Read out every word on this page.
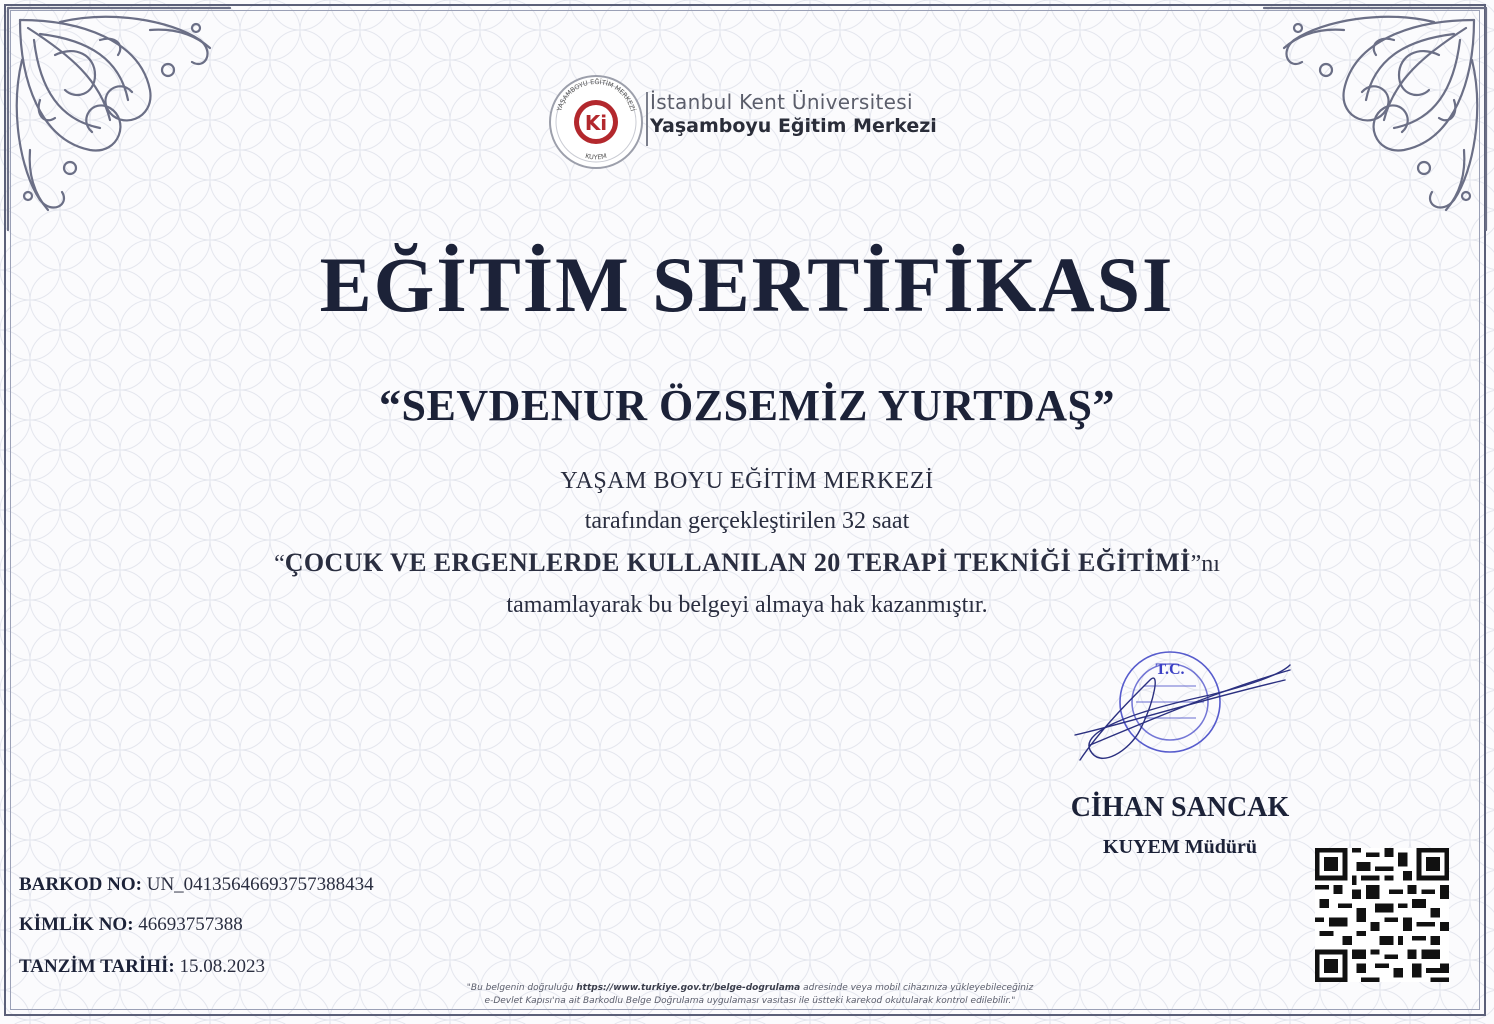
YAŞAMBOYU EĞİTİM MERKEZİ
KUYEM
Ki
İstanbul Kent Üniversitesi
Yaşamboyu Eğitim Merkezi
EĞİTİM SERTİFİKASI
“SEVDENUR ÖZSEMİZ YURTDAŞ”
YAŞAM BOYU EĞİTİM MERKEZİ
tarafından gerçekleştirilen 32 saat
“ÇOCUK VE ERGENLERDE KULLANILAN 20 TERAPİ TEKNİĞİ EĞİTİMİ”nı
tamamlayarak bu belgeyi almaya hak kazanmıştır.
T.C.
CİHAN SANCAK
KUYEM Müdürü
BARKOD NO: UN_04135646693757388434
KİMLİK NO: 46693757388
TANZİM TARİHİ: 15.08.2023
"Bu belgenin doğruluğu https://www.turkiye.gov.tr/belge-dogrulama adresinde veya mobil cihazınıza yükleyebileceğiniz
e-Devlet Kapısı'na ait Barkodlu Belge Doğrulama uygulaması vasıtası ile üstteki karekod okutularak kontrol edilebilir."
